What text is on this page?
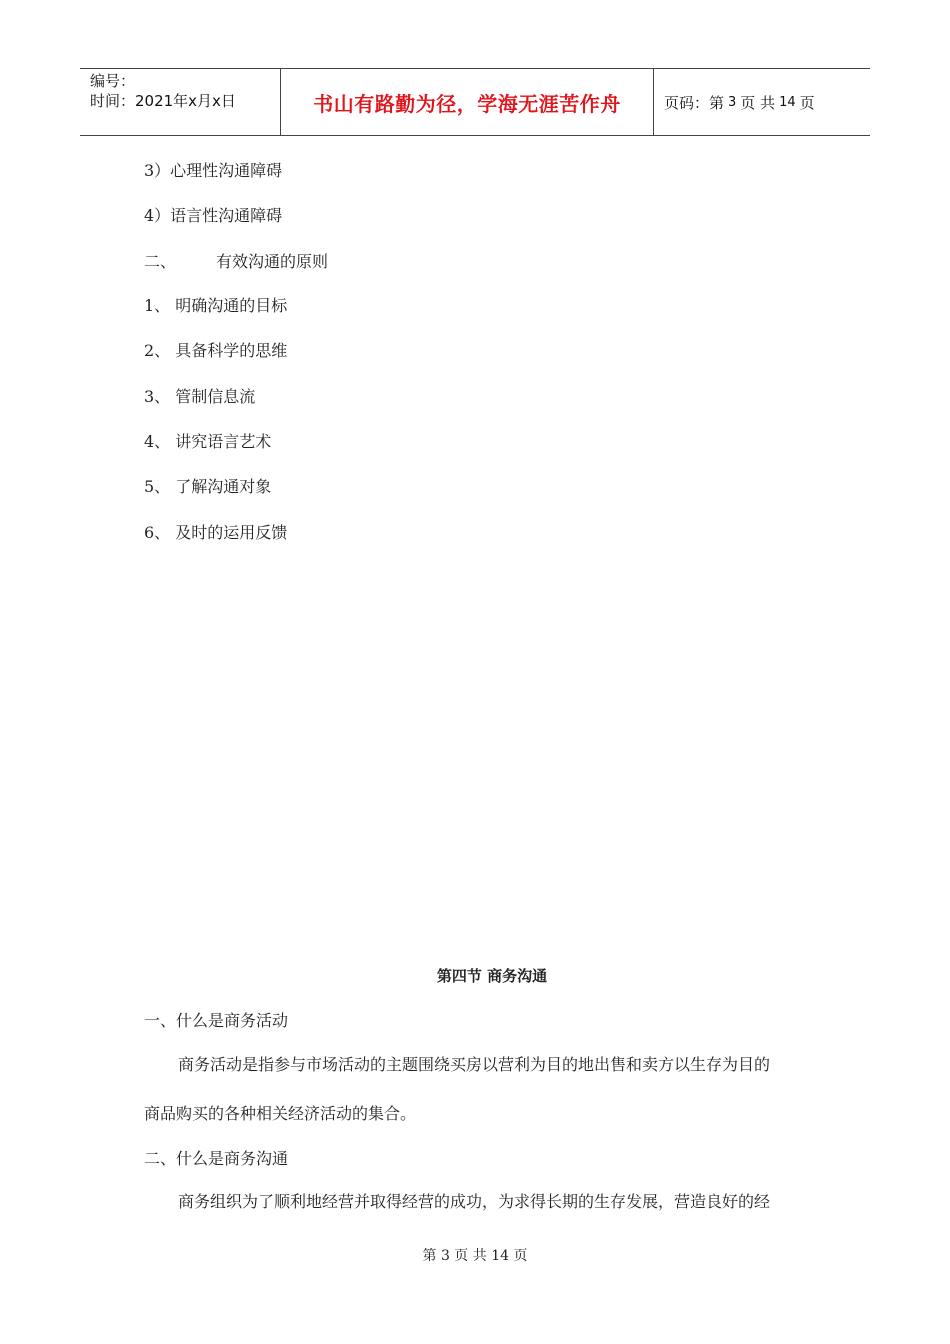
编号：
时间：2021年x月x日	书山有路勤为径，学海无涯苦作舟	页码：第 3 页 共 14 页
3）心理性沟通障碍
4）语言性沟通障碍
二、	有效沟通的原则
1、 明确沟通的目标
2、 具备科学的思维
3、 管制信息流
4、 讲究语言艺术
5、 了解沟通对象
6、 及时的运用反馈
第四节 商务沟通
一、什么是商务活动
商务活动是指参与市场活动的主题围绕买房以营利为目的地出售和卖方以生存为目的
商品购买的各种相关经济活动的集合。
二、什么是商务沟通
商务组织为了顺利地经营并取得经营的成功，为求得长期的生存发展，营造良好的经
第 3 页 共 14 页
